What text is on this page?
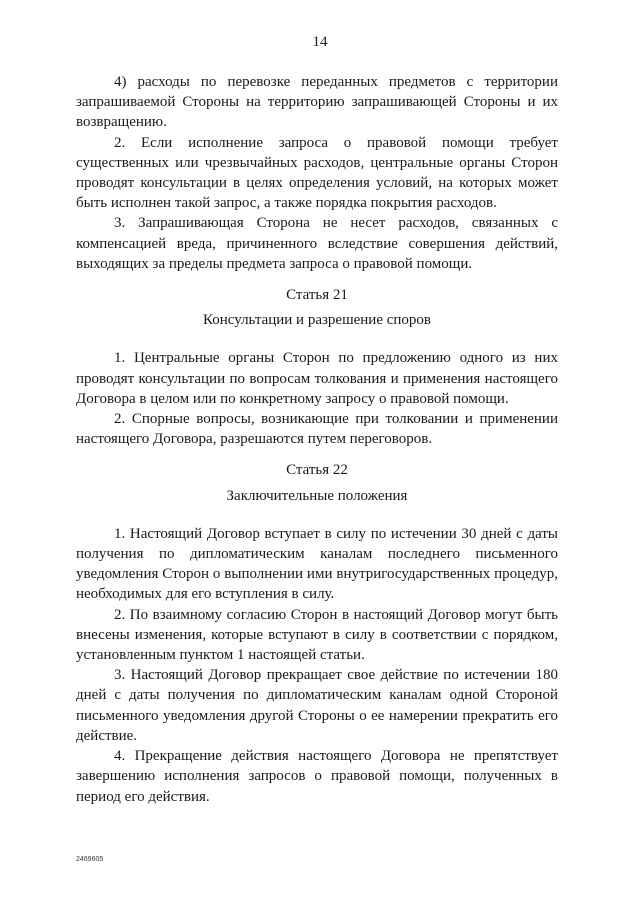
14

4) расходы по перевозке переданных предметов с территории запрашиваемой Стороны на территорию запрашивающей Стороны и их возвращению.

2. Если исполнение запроса о правовой помощи требует существенных или чрезвычайных расходов, центральные органы Сторон проводят консультации в целях определения условий, на которых может быть исполнен такой запрос, а также порядка покрытия расходов.

3. Запрашивающая Сторона не несет расходов, связанных с компенсацией вреда, причиненного вследствие совершения действий, выходящих за пределы предмета запроса о правовой помощи.

Статья 21

Консультации и разрешение споров

1. Центральные органы Сторон по предложению одного из них проводят консультации по вопросам толкования и применения настоящего Договора в целом или по конкретному запросу о правовой помощи.

2. Спорные вопросы, возникающие при толковании и применении настоящего Договора, разрешаются путем переговоров.

Статья 22

Заключительные положения

1. Настоящий Договор вступает в силу по истечении 30 дней с даты получения по дипломатическим каналам последнего письменного уведомления Сторон о выполнении ими внутригосударственных процедур, необходимых для его вступления в силу.

2. По взаимному согласию Сторон в настоящий Договор могут быть внесены изменения, которые вступают в силу в соответствии с порядком, установленным пунктом 1 настоящей статьи.

3. Настоящий Договор прекращает свое действие по истечении 180 дней с даты получения по дипломатическим каналам одной Стороной письменного уведомления другой Стороны о ее намерении прекратить его действие.

4. Прекращение действия настоящего Договора не препятствует завершению исполнения запросов о правовой помощи, полученных в период его действия.

2469605
